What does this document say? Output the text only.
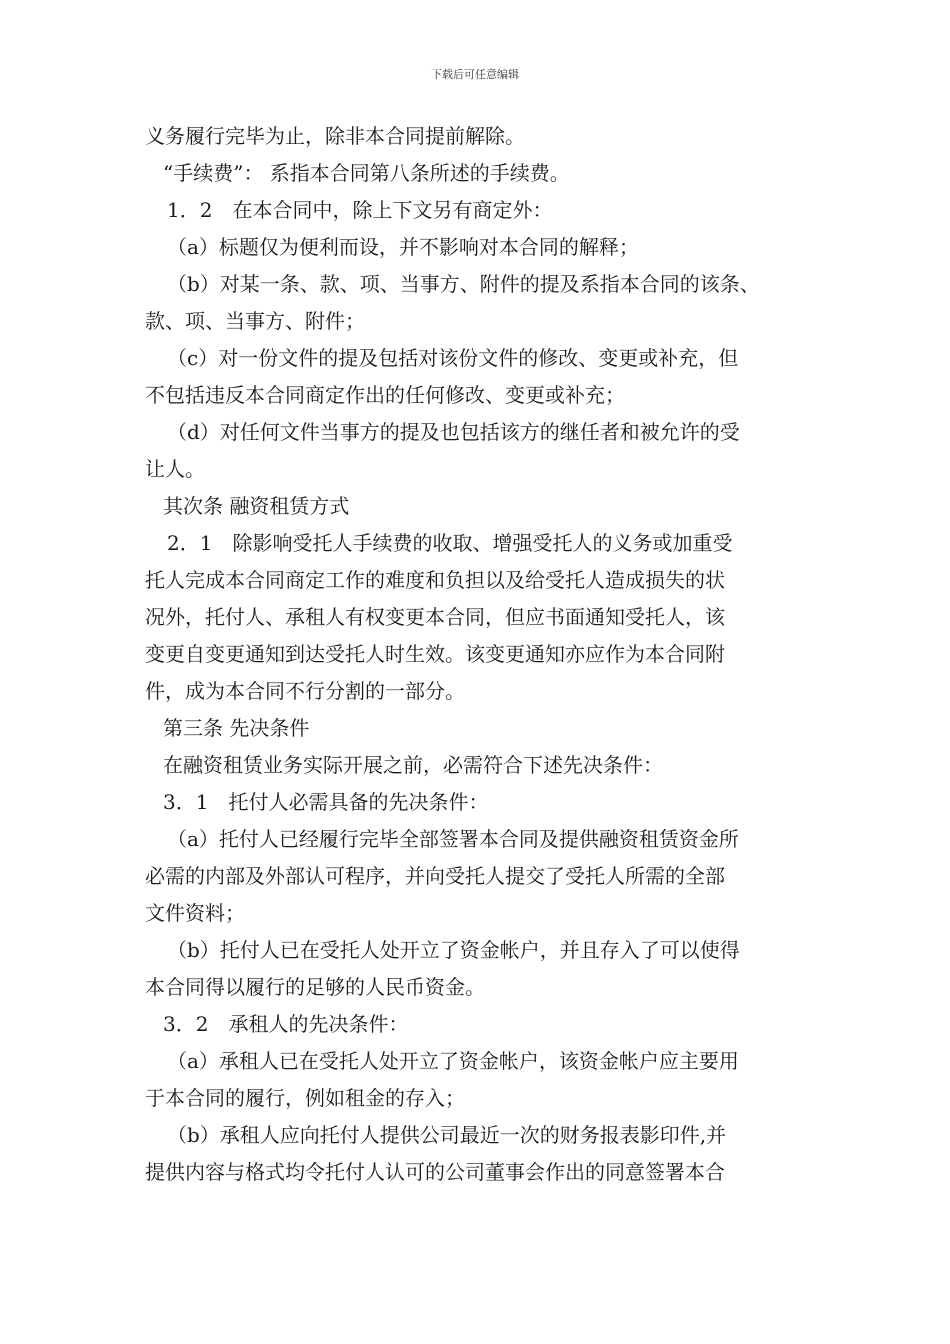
下载后可任意编辑
义务履行完毕为止，除非本合同提前解除。
“手续费”： 系指本合同第八条所述的手续费。
1．2　在本合同中，除上下文另有商定外：
（a）标题仅为便利而设，并不影响对本合同的解释；
（b）对某一条、款、项、当事方、附件的提及系指本合同的该条、
款、项、当事方、附件；
（c）对一份文件的提及包括对该份文件的修改、变更或补充，但
不包括违反本合同商定作出的任何修改、变更或补充；
（d）对任何文件当事方的提及也包括该方的继任者和被允许的受
让人。
其次条 融资租赁方式
2．1　除影响受托人手续费的收取、增强受托人的义务或加重受
托人完成本合同商定工作的难度和负担以及给受托人造成损失的状
况外，托付人、承租人有权变更本合同，但应书面通知受托人，该
变更自变更通知到达受托人时生效。该变更通知亦应作为本合同附
件，成为本合同不行分割的一部分。
第三条 先决条件
在融资租赁业务实际开展之前，必需符合下述先决条件：
3．1　托付人必需具备的先决条件：
（a）托付人已经履行完毕全部签署本合同及提供融资租赁资金所
必需的内部及外部认可程序，并向受托人提交了受托人所需的全部
文件资料；
（b）托付人已在受托人处开立了资金帐户，并且存入了可以使得
本合同得以履行的足够的人民币资金。
3．2　承租人的先决条件：
（a）承租人已在受托人处开立了资金帐户，该资金帐户应主要用
于本合同的履行，例如租金的存入；
（b）承租人应向托付人提供公司最近一次的财务报表影印件,并
提供内容与格式均令托付人认可的公司董事会作出的同意签署本合
